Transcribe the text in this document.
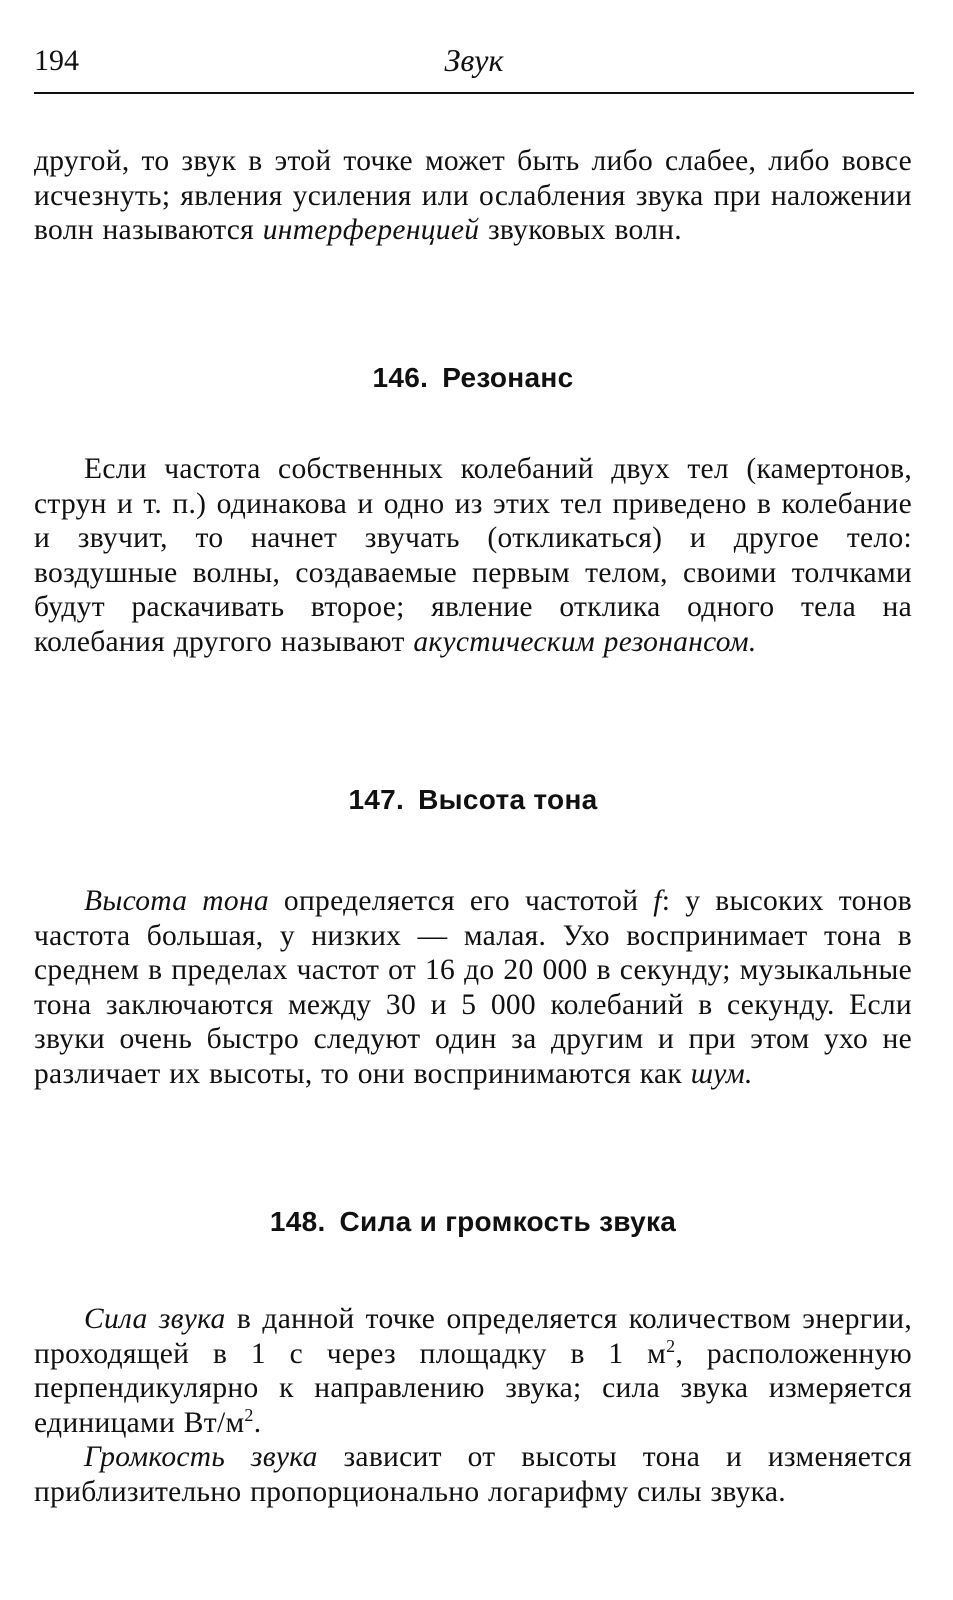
194	Звук

другой, то звук в этой точке может быть либо слабее, либо вовсе исчезнуть; явления усиления или ослабления звука при наложении волн называются интерференцией звуковых волн.

146. Резонанс

Если частота собственных колебаний двух тел (камертонов, струн и т. п.) одинакова и одно из этих тел приведено в колебание и звучит, то начнет звучать (откликаться) и другое тело: воздушные волны, создаваемые первым телом, своими толчками будут раскачивать второе; явление отклика одного тела на колебания другого называют акустическим резонансом.

147. Высота тона

Высота тона определяется его частотой f: у высоких тонов частота большая, у низких — малая. Ухо воспринимает тона в среднем в пределах частот от 16 до 20 000 в секунду; музыкальные тона заключаются между 30 и 5 000 колебаний в секунду. Если звуки очень быстро следуют один за другим и при этом ухо не различает их высоты, то они воспринимаются как шум.

148. Сила и громкость звука

Сила звука в данной точке определяется количеством энергии, проходящей в 1 с через площадку в 1 $м^2$, расположенную перпендикулярно к направлению звука; сила звука измеряется единицами $Вт/м^2$.

Громкость звука зависит от высоты тона и изменяется приблизительно пропорционально логарифму силы звука.
